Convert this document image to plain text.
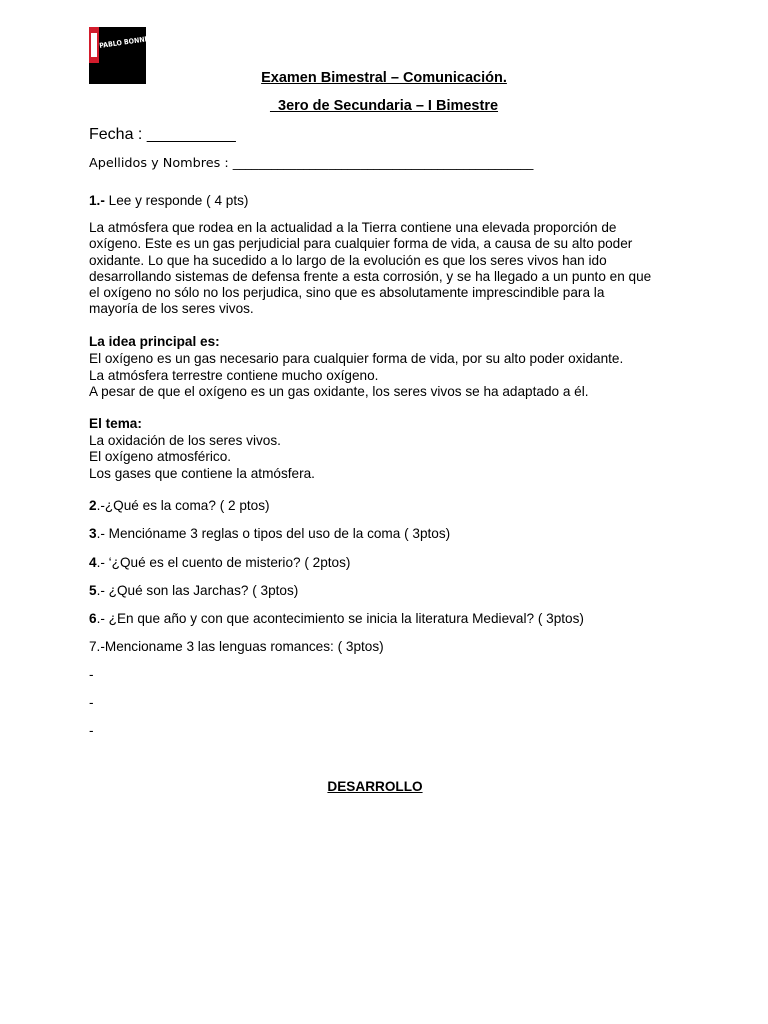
PABLO BONNER
Examen Bimestral – Comunicación.
3ero de Secundaria – I Bimestre
Fecha : __________
Apellidos y Nombres : _______________________________________________
1.- Lee y responde ( 4 pts)
La atmósfera que rodea en la actualidad a la Tierra contiene una elevada proporción de
oxígeno. Este es un gas perjudicial para cualquier forma de vida, a causa de su alto poder
oxidante. Lo que ha sucedido a lo largo de la evolución es que los seres vivos han ido
desarrollando sistemas de defensa frente a esta corrosión, y se ha llegado a un punto en que
el oxígeno no sólo no los perjudica, sino que es absolutamente imprescindible para la
mayoría de los seres vivos.
La idea principal es:
El oxígeno es un gas necesario para cualquier forma de vida, por su alto poder oxidante.
La atmósfera terrestre contiene mucho oxígeno.
A pesar de que el oxígeno es un gas oxidante, los seres vivos se ha adaptado a él.
El tema:
La oxidación de los seres vivos.
El oxígeno atmosférico.
Los gases que contiene la atmósfera.
2.-¿Qué es la coma? ( 2 ptos)
3.- Mencióname 3 reglas o tipos del uso de la coma ( 3ptos)
4.- ‘¿Qué es el cuento de misterio? ( 2ptos)
5.- ¿Qué son las Jarchas? ( 3ptos)
6.- ¿En que año y con que acontecimiento se inicia la literatura Medieval? ( 3ptos)
7.-Mencioname 3 las lenguas romances: ( 3ptos)
-
-
-
DESARROLLO
